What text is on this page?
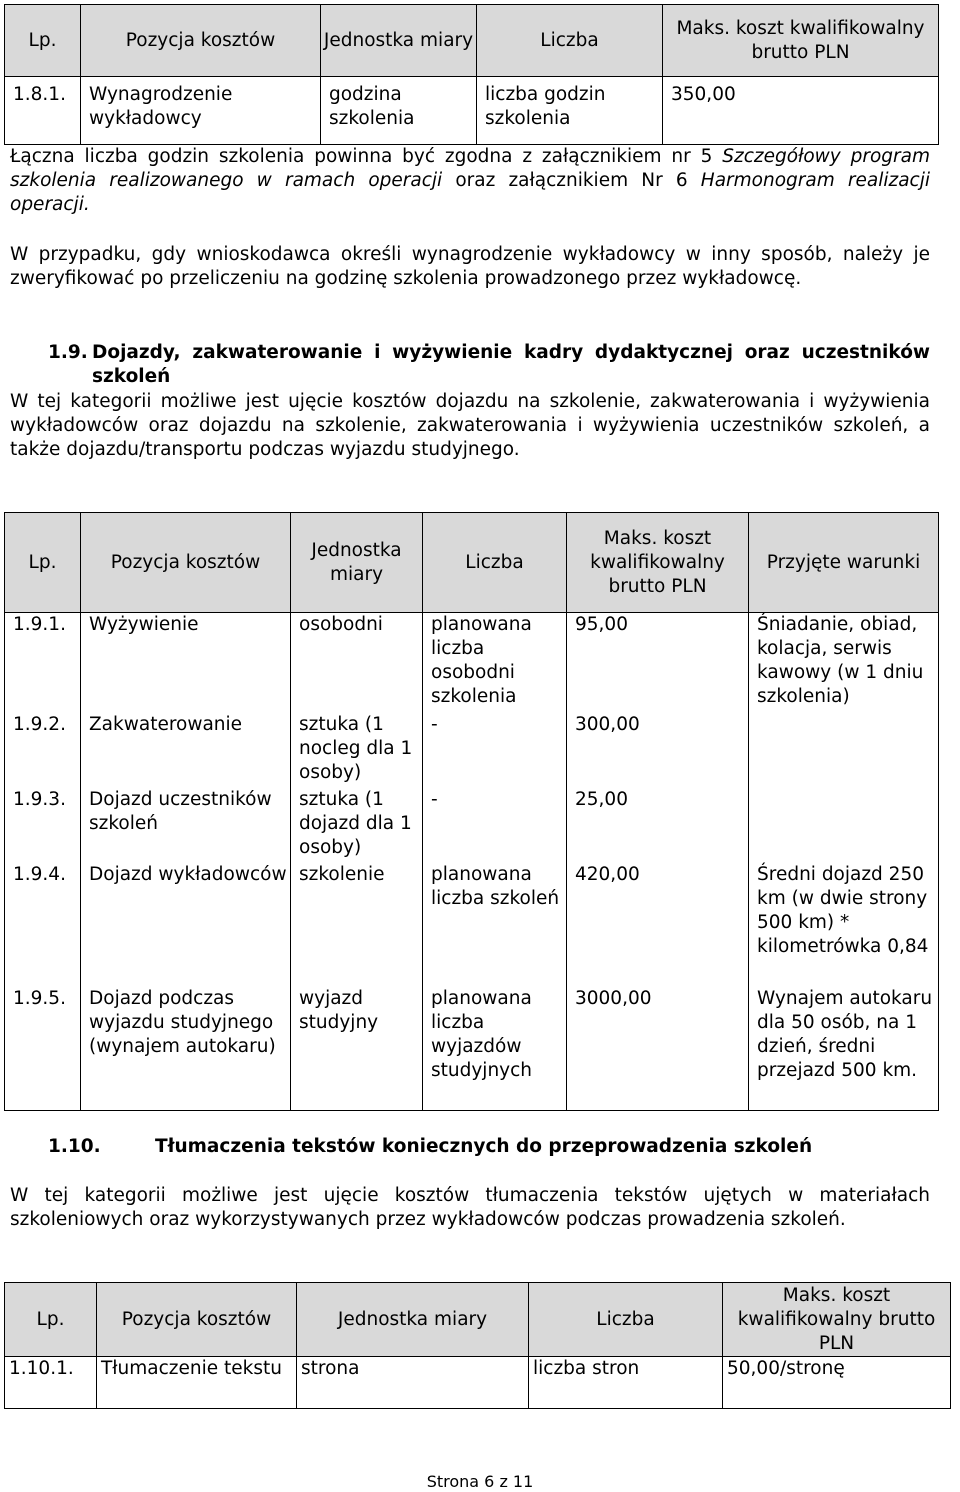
Lp.	Pozycja kosztów	Jednostka miary	Liczba	Maks. koszt kwalifikowalny brutto PLN
1.8.1.	Wynagrodzenie wykładowcy	godzina szkolenia	liczba godzin szkolenia	350,00
Łączna liczba godzin szkolenia powinna być zgodna z załącznikiem nr 5 Szczegółowy program szkolenia realizowanego w ramach operacji oraz załącznikiem Nr 6 Harmonogram realizacji operacji.
W przypadku, gdy wnioskodawca określi wynagrodzenie wykładowcy w inny sposób, należy je zweryfikować po przeliczeniu na godzinę szkolenia prowadzonego przez wykładowcę.
1.9. Dojazdy, zakwaterowanie i wyżywienie kadry dydaktycznej oraz uczestników szkoleń
W tej kategorii możliwe jest ujęcie kosztów dojazdu na szkolenie, zakwaterowania i wyżywienia wykładowców oraz dojazdu na szkolenie, zakwaterowania i wyżywienia uczestników szkoleń, a także dojazdu/transportu podczas wyjazdu studyjnego.
Lp.	Pozycja kosztów	Jednostka miary	Liczba	Maks. koszt kwalifikowalny brutto PLN	Przyjęte warunki
1.9.1.	Wyżywienie	osobodni	planowana liczba osobodni szkolenia	95,00	Śniadanie, obiad, kolacja, serwis kawowy (w 1 dniu szkolenia)
1.9.2.	Zakwaterowanie	sztuka (1 nocleg dla 1 osoby)	-	300,00	
1.9.3.	Dojazd uczestników szkoleń	sztuka (1 dojazd dla 1 osoby)	-	25,00	
1.9.4.	Dojazd wykładowców	szkolenie	planowana liczba szkoleń	420,00	Średni dojazd 250 km (w dwie strony 500 km) * kilometrówka 0,84
1.9.5.	Dojazd podczas wyjazdu studyjnego (wynajem autokaru)	wyjazd studyjny	planowana liczba wyjazdów studyjnych	3000,00	Wynajem autokaru dla 50 osób, na 1 dzień, średni przejazd 500 km.
1.10.	Tłumaczenia tekstów koniecznych do przeprowadzenia szkoleń
W tej kategorii możliwe jest ujęcie kosztów tłumaczenia tekstów ujętych w materiałach szkoleniowych oraz wykorzystywanych przez wykładowców podczas prowadzenia szkoleń.
Lp.	Pozycja kosztów	Jednostka miary	Liczba	Maks. koszt kwalifikowalny brutto PLN
1.10.1.	Tłumaczenie tekstu	strona	liczba stron	50,00/stronę
Strona 6 z 11
